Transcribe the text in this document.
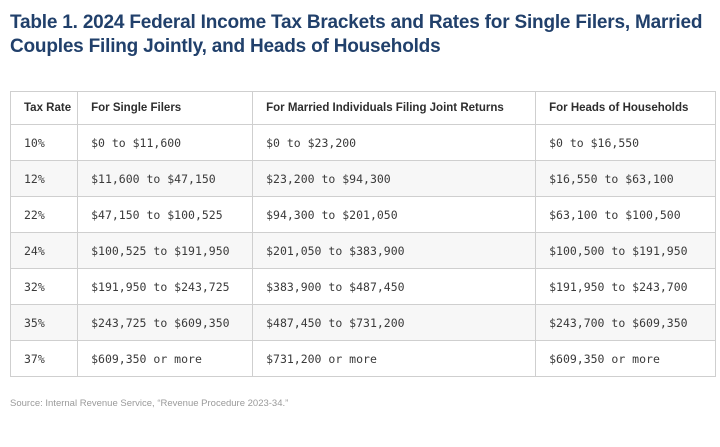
Table 1. 2024 Federal Income Tax Brackets and Rates for Single Filers, Married Couples Filing Jointly, and Heads of Households
Tax Rate	For Single Filers	For Married Individuals Filing Joint Returns	For Heads of Households
10%	$0 to $11,600	$0 to $23,200	$0 to $16,550
12%	$11,600 to $47,150	$23,200 to $94,300	$16,550 to $63,100
22%	$47,150 to $100,525	$94,300 to $201,050	$63,100 to $100,500
24%	$100,525 to $191,950	$201,050 to $383,900	$100,500 to $191,950
32%	$191,950 to $243,725	$383,900 to $487,450	$191,950 to $243,700
35%	$243,725 to $609,350	$487,450 to $731,200	$243,700 to $609,350
37%	$609,350 or more	$731,200 or more	$609,350 or more

Source: Internal Revenue Service, “Revenue Procedure 2023-34.”
